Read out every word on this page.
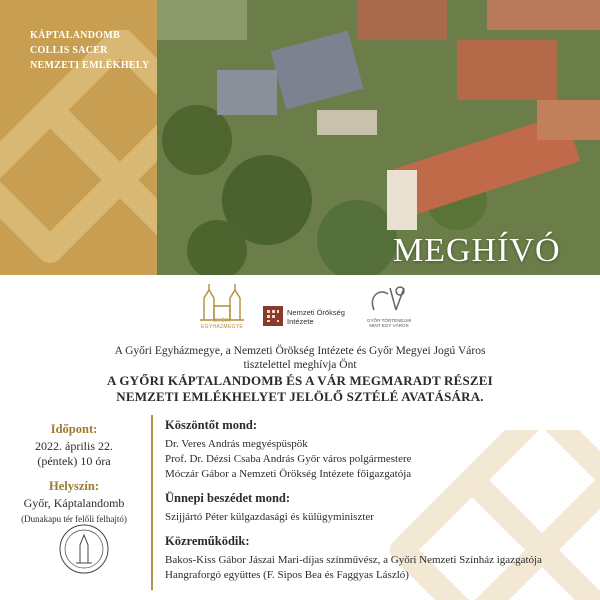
KÁPTALANDOMB
COLLIS SACER
NEMZETI EMLÉKHELY
MEGHÍVÓ
GYŐRI EGYHÁZMEGYE
Nemzeti Örökség
Intézete	GYŐR TÖRTÉNELMI
MINT EGY VÁROS
A Győri Egyházmegye, a Nemzeti Örökség Intézete és Győr Megyei Jogú Város
tisztelettel meghívja Önt
A GYŐRI KÁPTALANDOMB ÉS A VÁR MEGMARADT RÉSZEI
NEMZETI EMLÉKHELYET JELÖLŐ SZTÉLÉ AVATÁSÁRA.
Időpont:
2022. április 22.
(péntek) 10 óra
Helyszín:
Győr, Káptalandomb
(Dunakapu tér felőli felhajtó)
Köszöntőt mond:
Dr. Veres András megyéspüspök
Prof. Dr. Dézsi Csaba András Győr város polgármestere
Móczár Gábor a Nemzeti Örökség Intézete főigazgatója
Ünnepi beszédet mond:
Szijjártó Péter külgazdasági és külügyminiszter
Közreműködik:
Bakos-Kiss Gábor Jászai Mari-díjas színművész, a Győri Nemzeti Színház igazgatója
Hangraforgó együttes (F. Sipos Bea és Faggyas László)
